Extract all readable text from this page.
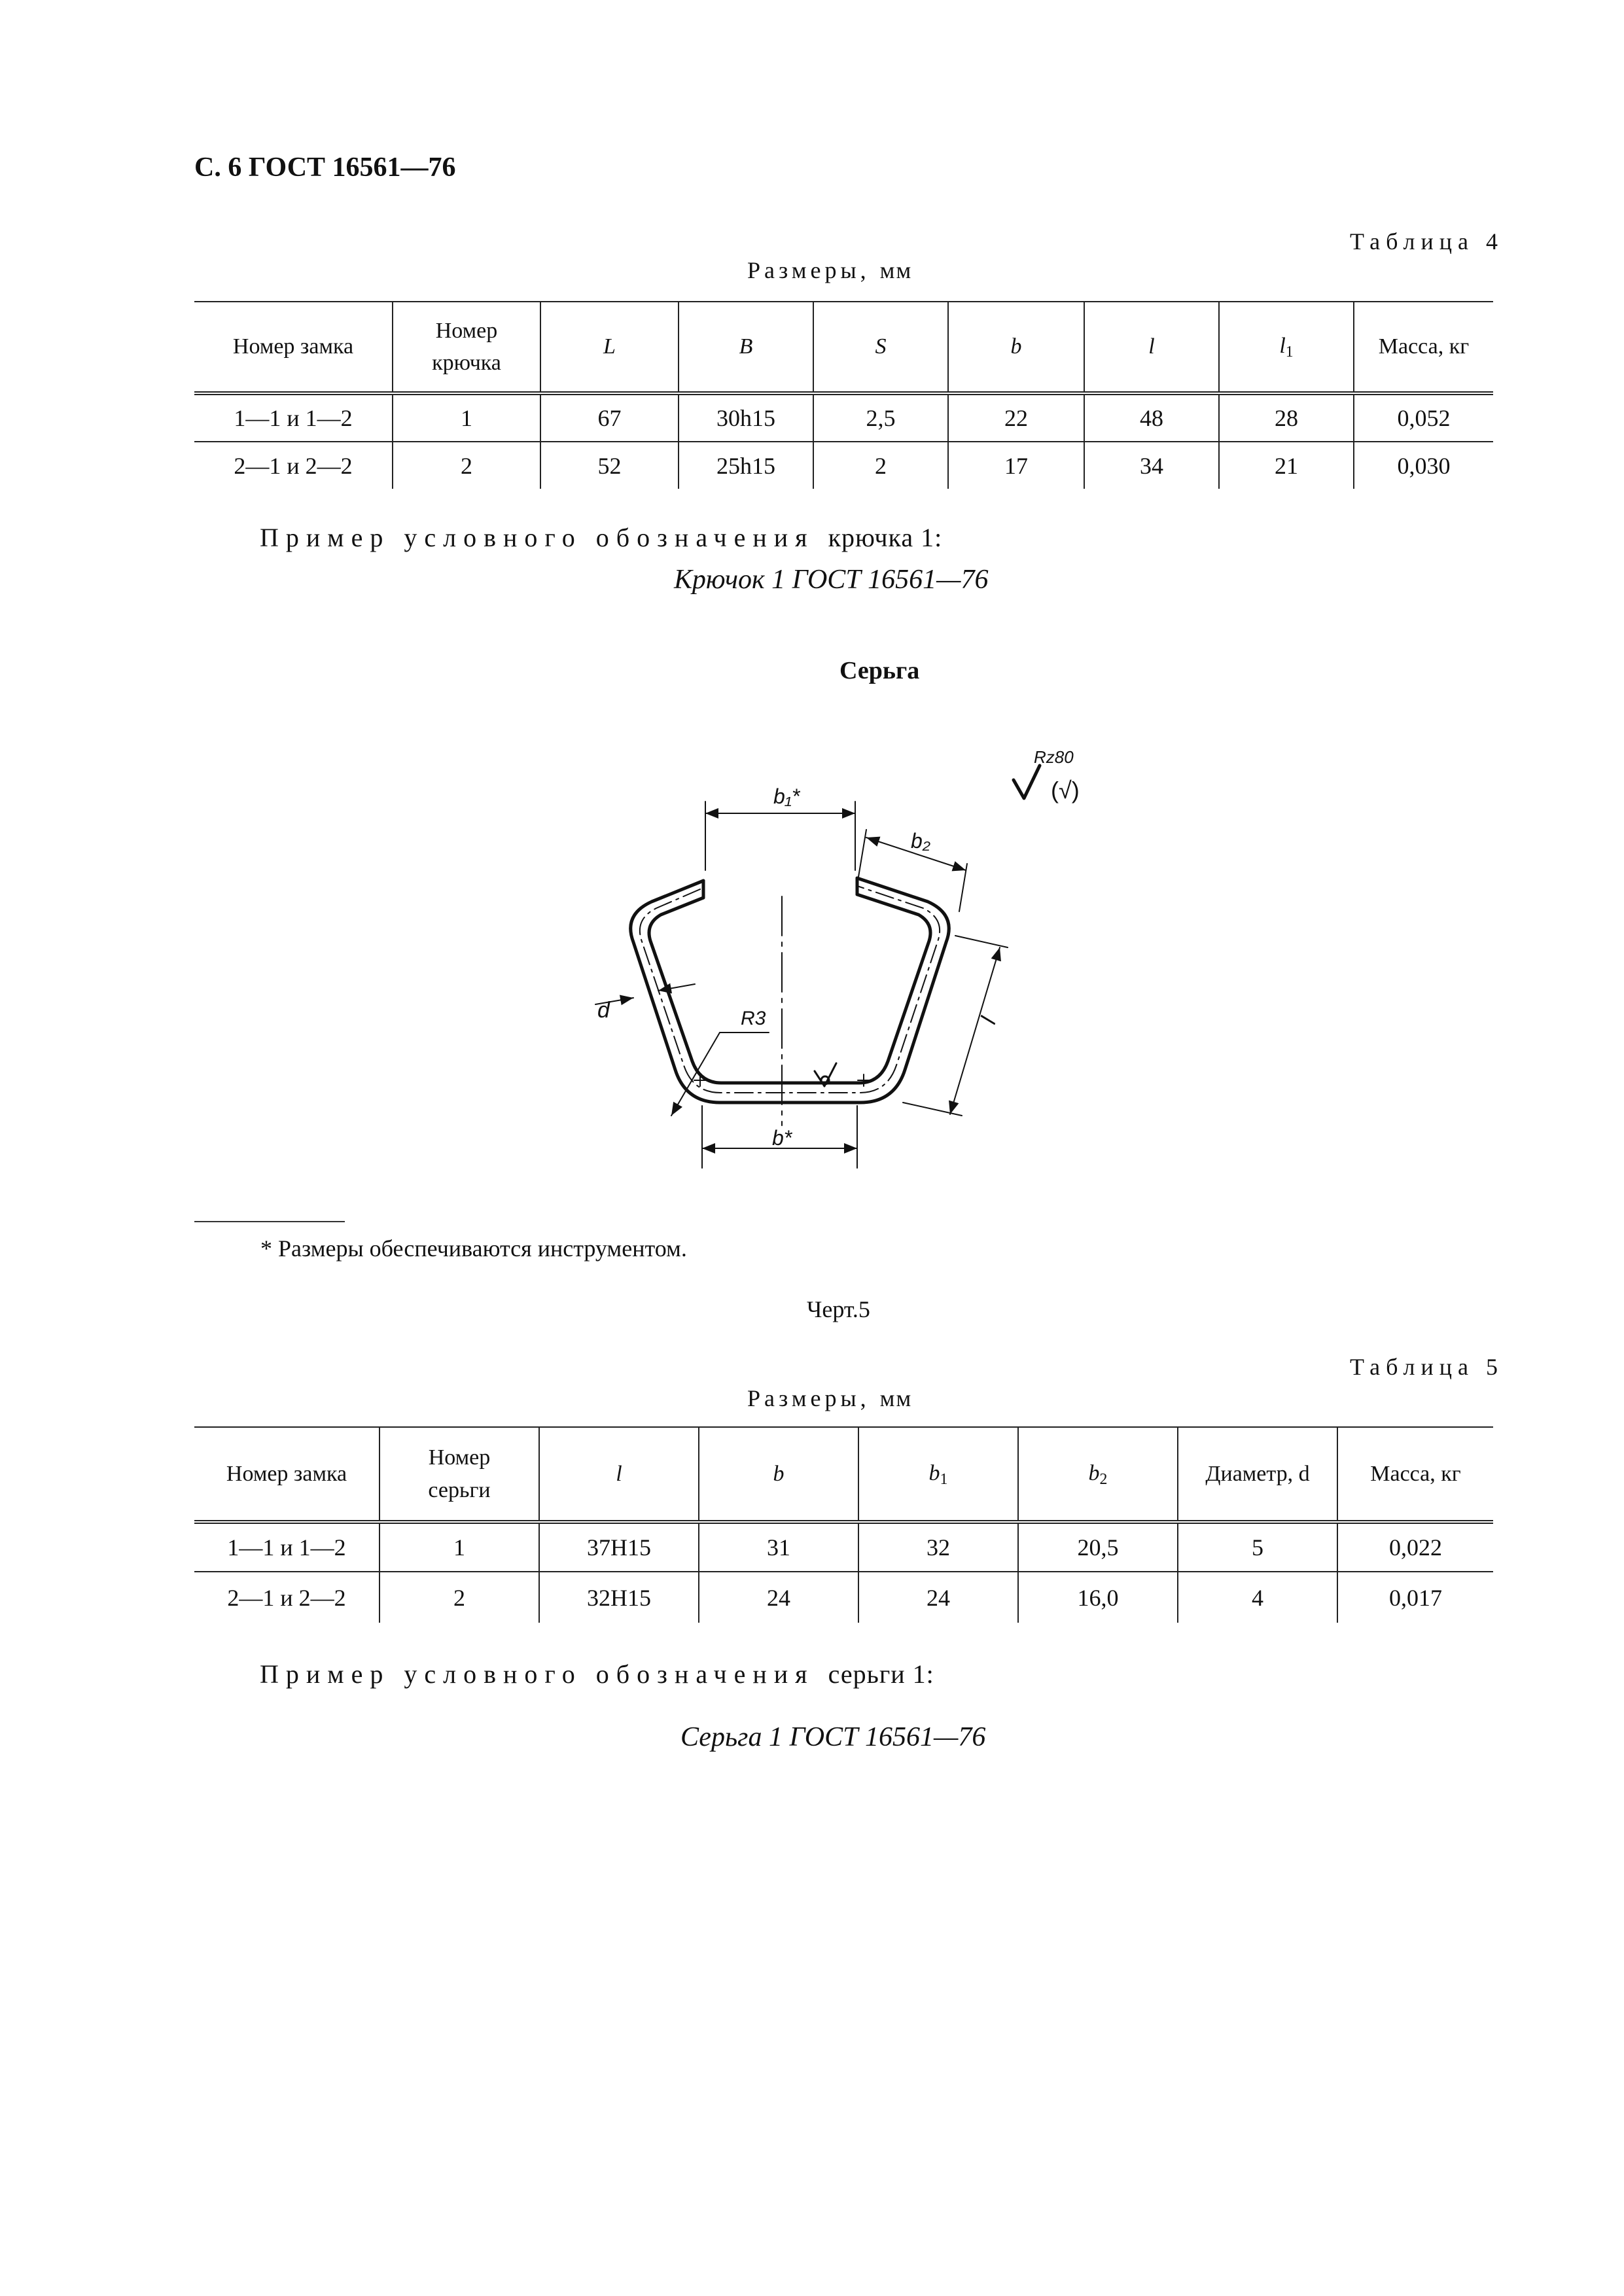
С. 6 ГОСТ 16561—76
Таблица 4
Размеры, мм
Номер замка	Номер крючка	L	B	S	b	l	$l_1$	Масса, кг
1—1 и 1—2	1	67	30h15	2,5	22	48	28	0,052
2—1 и 2—2	2	52	25h15	2	17	34	21	0,030
Пример условного обозначения крючка 1:
Крючок 1 ГОСТ 16561—76
Серьга
Rz80
(√)
b₁*
b₂
l
d	R3
b*
* Размеры обеспечиваются инструментом.
Черт.5
Таблица 5
Размеры, мм
Номер замка	Номер серьги	l	b	$b_1$	$b_2$	Диаметр, d	Масса, кг
1—1 и 1—2	1	37H15	31	32	20,5	5	0,022
2—1 и 2—2	2	32H15	24	24	16,0	4	0,017
Пример условного обозначения серьги 1:
Серьга 1 ГОСТ 16561—76
